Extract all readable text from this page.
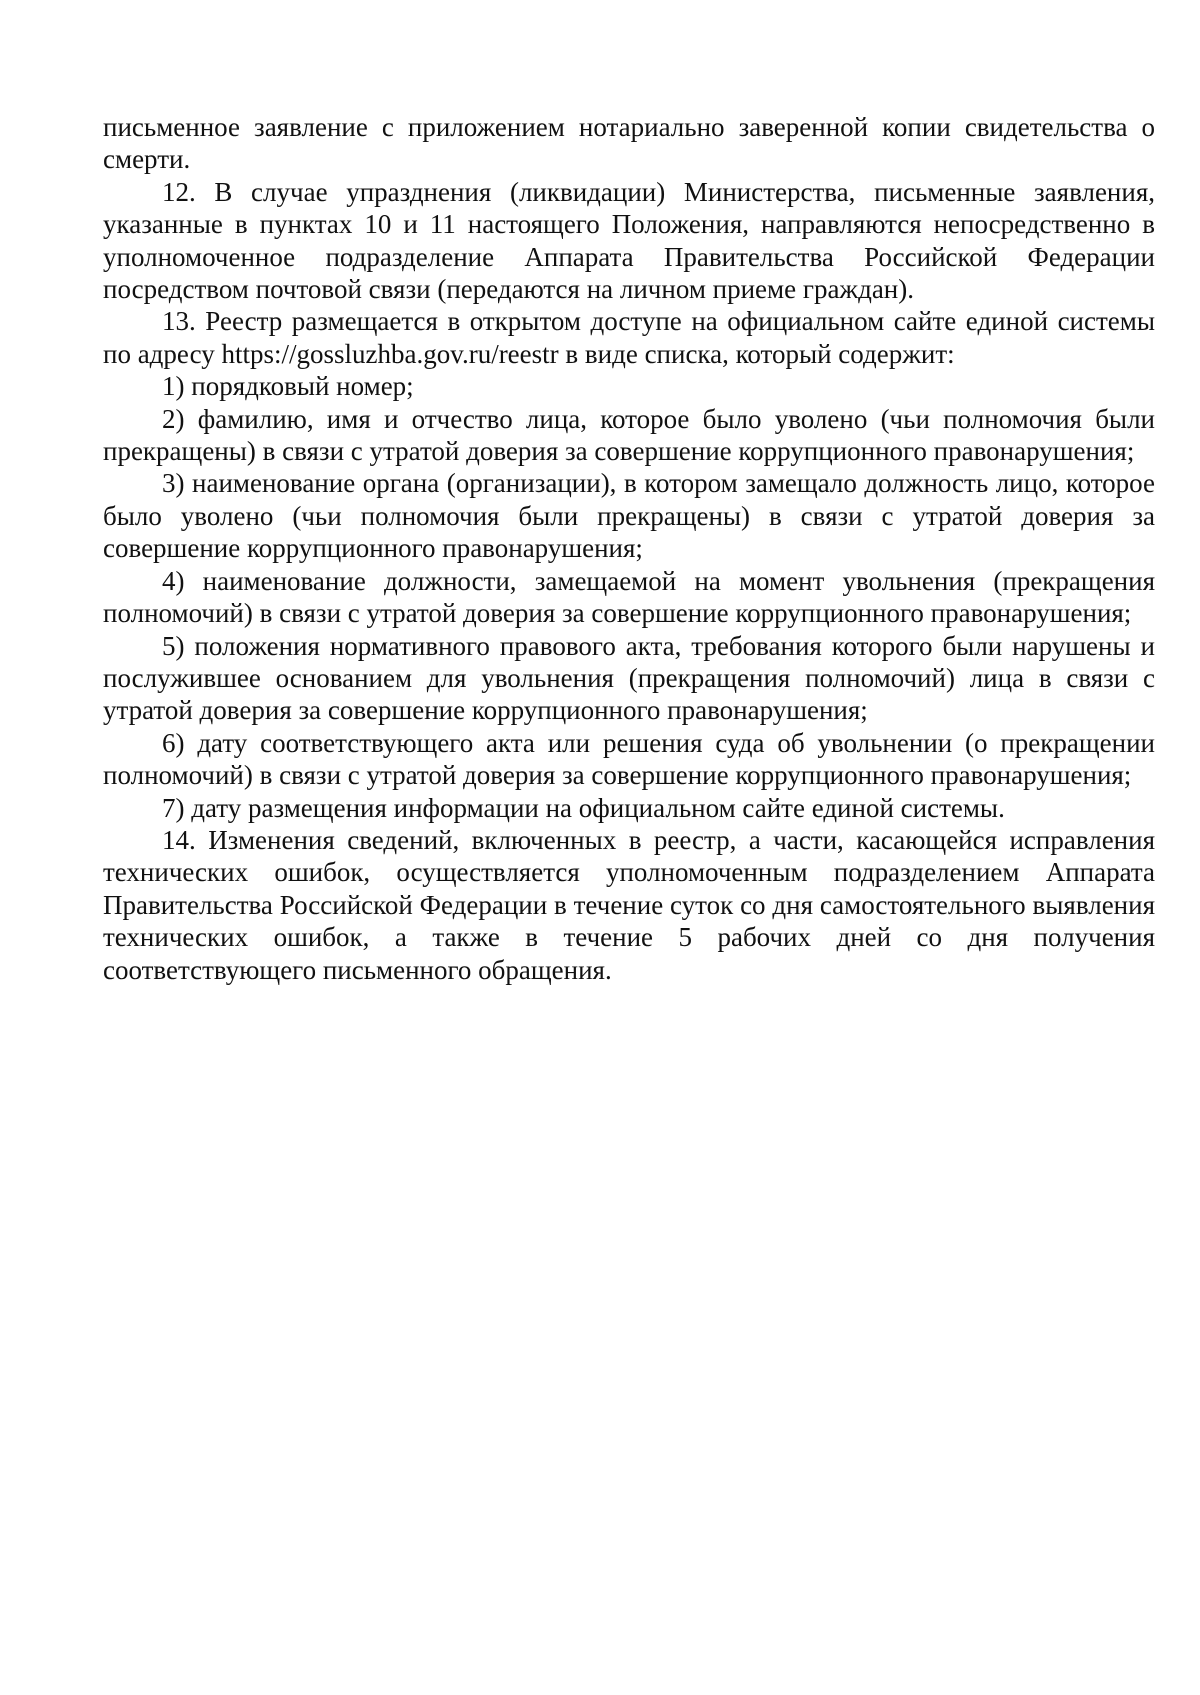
письменное заявление с приложением нотариально заверенной копии свидетельства о смерти.

12. В случае упразднения (ликвидации) Министерства, письменные заявления, указанные в пунктах 10 и 11 настоящего Положения, направляются непосредственно в уполномоченное подразделение Аппарата Правительства Российской Федерации посредством почтовой связи (передаются на личном приеме граждан).

13. Реестр размещается в открытом доступе на официальном сайте единой системы по адресу https://gossluzhba.gov.ru/reestr в виде списка, который содержит:

1) порядковый номер;

2) фамилию, имя и отчество лица, которое было уволено (чьи полномочия были прекращены) в связи с утратой доверия за совершение коррупционного правонарушения;

3) наименование органа (организации), в котором замещало должность лицо, которое было уволено (чьи полномочия были прекращены) в связи с утратой доверия за совершение коррупционного правонарушения;

4) наименование должности, замещаемой на момент увольнения (прекращения полномочий) в связи с утратой доверия за совершение коррупционного правонарушения;

5) положения нормативного правового акта, требования которого были нарушены и послужившее основанием для увольнения (прекращения полномочий) лица в связи с утратой доверия за совершение коррупционного правонарушения;

6) дату соответствующего акта или решения суда об увольнении (о прекращении полномочий) в связи с утратой доверия за совершение коррупционного правонарушения;

7) дату размещения информации на официальном сайте единой системы.

14. Изменения сведений, включенных в реестр, а части, касающейся исправления технических ошибок, осуществляется уполномоченным подразделением Аппарата Правительства Российской Федерации в течение суток со дня самостоятельного выявления технических ошибок, а также в течение 5 рабочих дней со дня получения соответствующего письменного обращения.
